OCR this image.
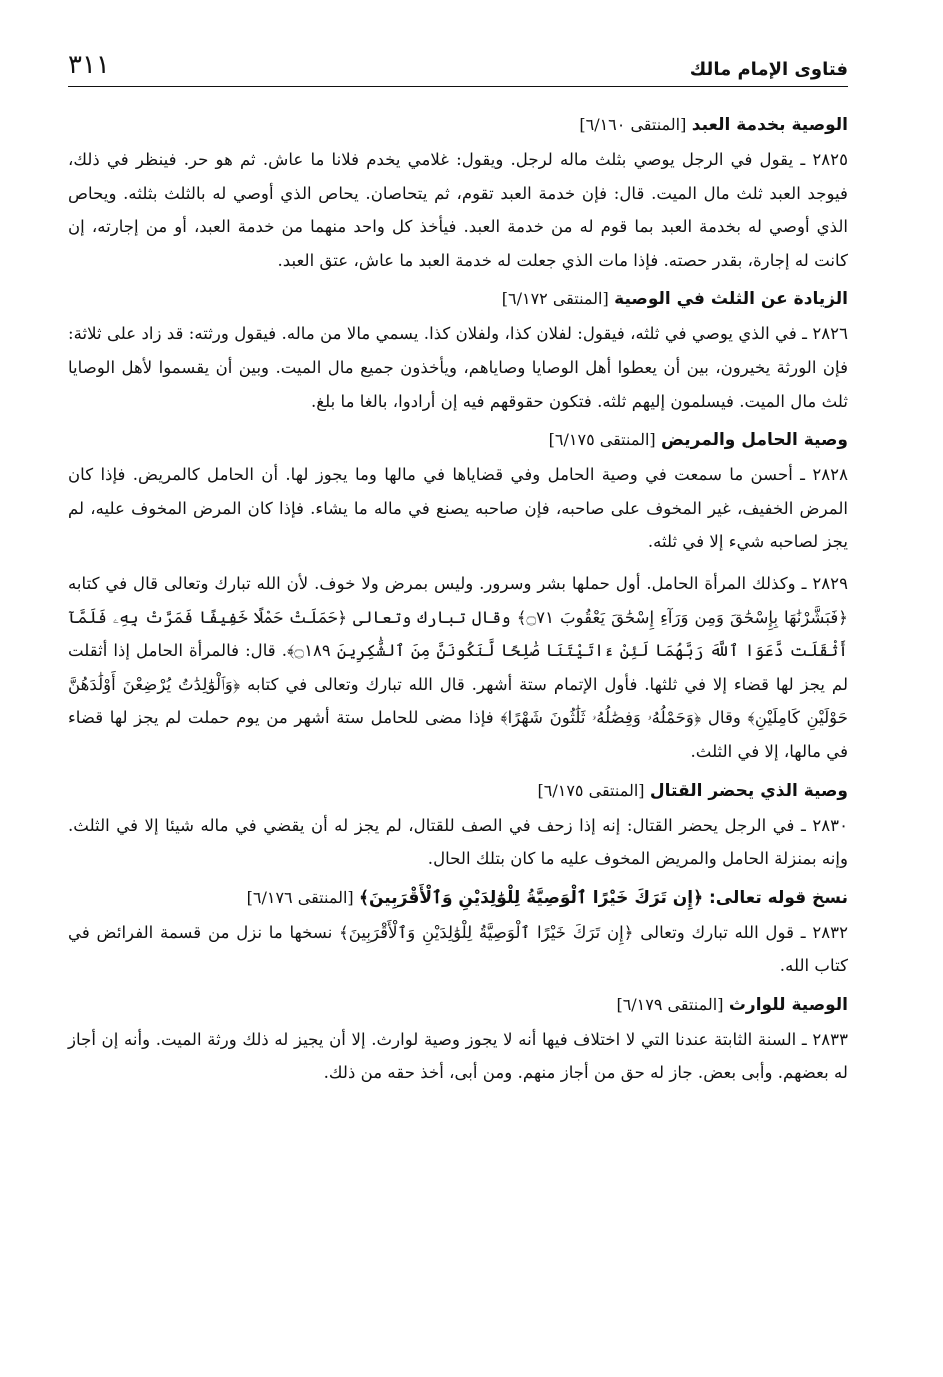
فتاوى الإمام مالك
٣١١
الوصية بخدمة العبد [المنتقى ٦/١٦٠]

٢٨٢٥ ـ يقول في الرجل يوصي بثلث ماله لرجل. ويقول: غلامي يخدم فلانا ما عاش. ثم هو حر. فينظر في ذلك، فيوجد العبد ثلث مال الميت. قال: فإن خدمة العبد تقوم، ثم يتحاصان. يحاص الذي أوصي له بالثلث بثلثه. ويحاص الذي أوصي له بخدمة العبد بما قوم له من خدمة العبد. فيأخذ كل واحد منهما من خدمة العبد، أو من إجارته، إن كانت له إجارة، بقدر حصته. فإذا مات الذي جعلت له خدمة العبد ما عاش، عتق العبد.

الزيادة عن الثلث في الوصية [المنتقى ٦/١٧٢]

٢٨٢٦ ـ في الذي يوصي في ثلثه، فيقول: لفلان كذا، ولفلان كذا. يسمي مالا من ماله. فيقول ورثته: قد زاد على ثلاثة: فإن الورثة يخيرون، بين أن يعطوا أهل الوصايا وصاياهم، ويأخذون جميع مال الميت. وبين أن يقسموا لأهل الوصايا ثلث مال الميت. فيسلمون إليهم ثلثه. فتكون حقوقهم فيه إن أرادوا، بالغا ما بلغ.

وصية الحامل والمريض [المنتقى ٦/١٧٥]

٢٨٢٨ ـ أحسن ما سمعت في وصية الحامل وفي قضاياها في مالها وما يجوز لها. أن الحامل كالمريض. فإذا كان المرض الخفيف، غير المخوف على صاحبه، فإن صاحبه يصنع في ماله ما يشاء. فإذا كان المرض المخوف عليه، لم يجز لصاحبه شيء إلا في ثلثه.

٢٨٢٩ ـ وكذلك المرأة الحامل. أول حملها بشر وسرور. وليس بمرض ولا خوف. لأن الله تبارك وتعالى قال في كتابه ﴿فَبَشَّرْنَٰهَا بِإِسْحَٰقَ وَمِن وَرَآءِ إِسْحَٰقَ يَعْقُوبَ ۝٧١﴾ وقال تبارك وتعالى ﴿حَمَلَتْ حَمْلًا خَفِيفًا فَمَرَّتْ بِهِۦ فَلَمَّآ أَثْقَلَت دَّعَوَا ٱللَّهَ رَبَّهُمَا لَئِنْ ءَاتَيْتَنَا صَٰلِحًا لَّنَكُونَنَّ مِنَ ٱلشَّٰكِرِينَ ۝١٨٩﴾. قال: فالمرأة الحامل إذا أثقلت لم يجز لها قضاء إلا في ثلثها. فأول الإتمام ستة أشهر. قال الله تبارك وتعالى في كتابه ﴿وَٱلْوَٰلِدَٰتُ يُرْضِعْنَ أَوْلَٰدَهُنَّ حَوْلَيْنِ كَامِلَيْنِ﴾ وقال ﴿وَحَمْلُهُۥ وَفِصَٰلُهُۥ ثَلَٰثُونَ شَهْرًا﴾ فإذا مضى للحامل ستة أشهر من يوم حملت لم يجز لها قضاء في مالها، إلا في الثلث.

وصية الذي يحضر القتال [المنتقى ٦/١٧٥]

٢٨٣٠ ـ في الرجل يحضر القتال: إنه إذا زحف في الصف للقتال، لم يجز له أن يقضي في ماله شيئا إلا في الثلث. وإنه بمنزلة الحامل والمريض المخوف عليه ما كان بتلك الحال.

نسخ قوله تعالى: ﴿إِن تَرَكَ خَيْرًا ٱلْوَصِيَّةُ لِلْوَٰلِدَيْنِ وَٱلْأَقْرَبِينَ﴾ [المنتقى ٦/١٧٦]

٢٨٣٢ ـ قول الله تبارك وتعالى ﴿إِن تَرَكَ خَيْرًا ٱلْوَصِيَّةُ لِلْوَٰلِدَيْنِ وَٱلْأَقْرَبِينَ﴾ نسخها ما نزل من قسمة الفرائض في كتاب الله.

الوصية للوارث [المنتقى ٦/١٧٩]

٢٨٣٣ ـ السنة الثابتة عندنا التي لا اختلاف فيها أنه لا يجوز وصية لوارث. إلا أن يجيز له ذلك ورثة الميت. وأنه إن أجاز له بعضهم. وأبى بعض. جاز له حق من أجاز منهم. ومن أبى، أخذ حقه من ذلك.
